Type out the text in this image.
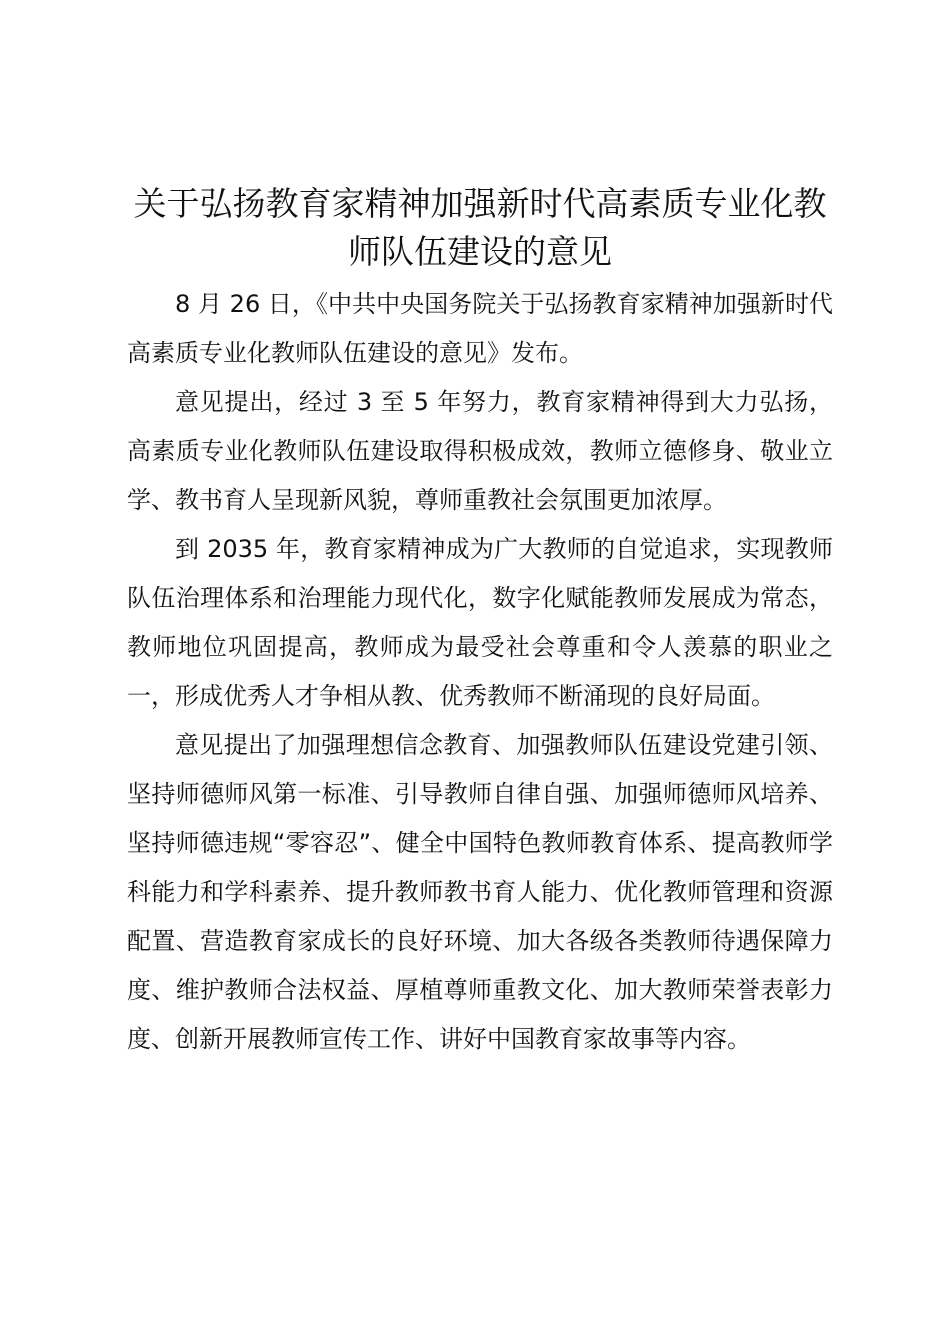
关于弘扬教育家精神加强新时代高素质专业化教师队伍建设的意见

8 月 26 日，《中共中央国务院关于弘扬教育家精神加强新时代高素质专业化教师队伍建设的意见》发布。

意见提出，经过 3 至 5 年努力，教育家精神得到大力弘扬，高素质专业化教师队伍建设取得积极成效，教师立德修身、敬业立学、教书育人呈现新风貌，尊师重教社会氛围更加浓厚。

到 2035 年，教育家精神成为广大教师的自觉追求，实现教师队伍治理体系和治理能力现代化，数字化赋能教师发展成为常态，教师地位巩固提高，教师成为最受社会尊重和令人羡慕的职业之一，形成优秀人才争相从教、优秀教师不断涌现的良好局面。

意见提出了加强理想信念教育、加强教师队伍建设党建引领、坚持师德师风第一标准、引导教师自律自强、加强师德师风培养、坚持师德违规“零容忍”、健全中国特色教师教育体系、提高教师学科能力和学科素养、提升教师教书育人能力、优化教师管理和资源配置、营造教育家成长的良好环境、加大各级各类教师待遇保障力度、维护教师合法权益、厚植尊师重教文化、加大教师荣誉表彰力度、创新开展教师宣传工作、讲好中国教育家故事等内容。
